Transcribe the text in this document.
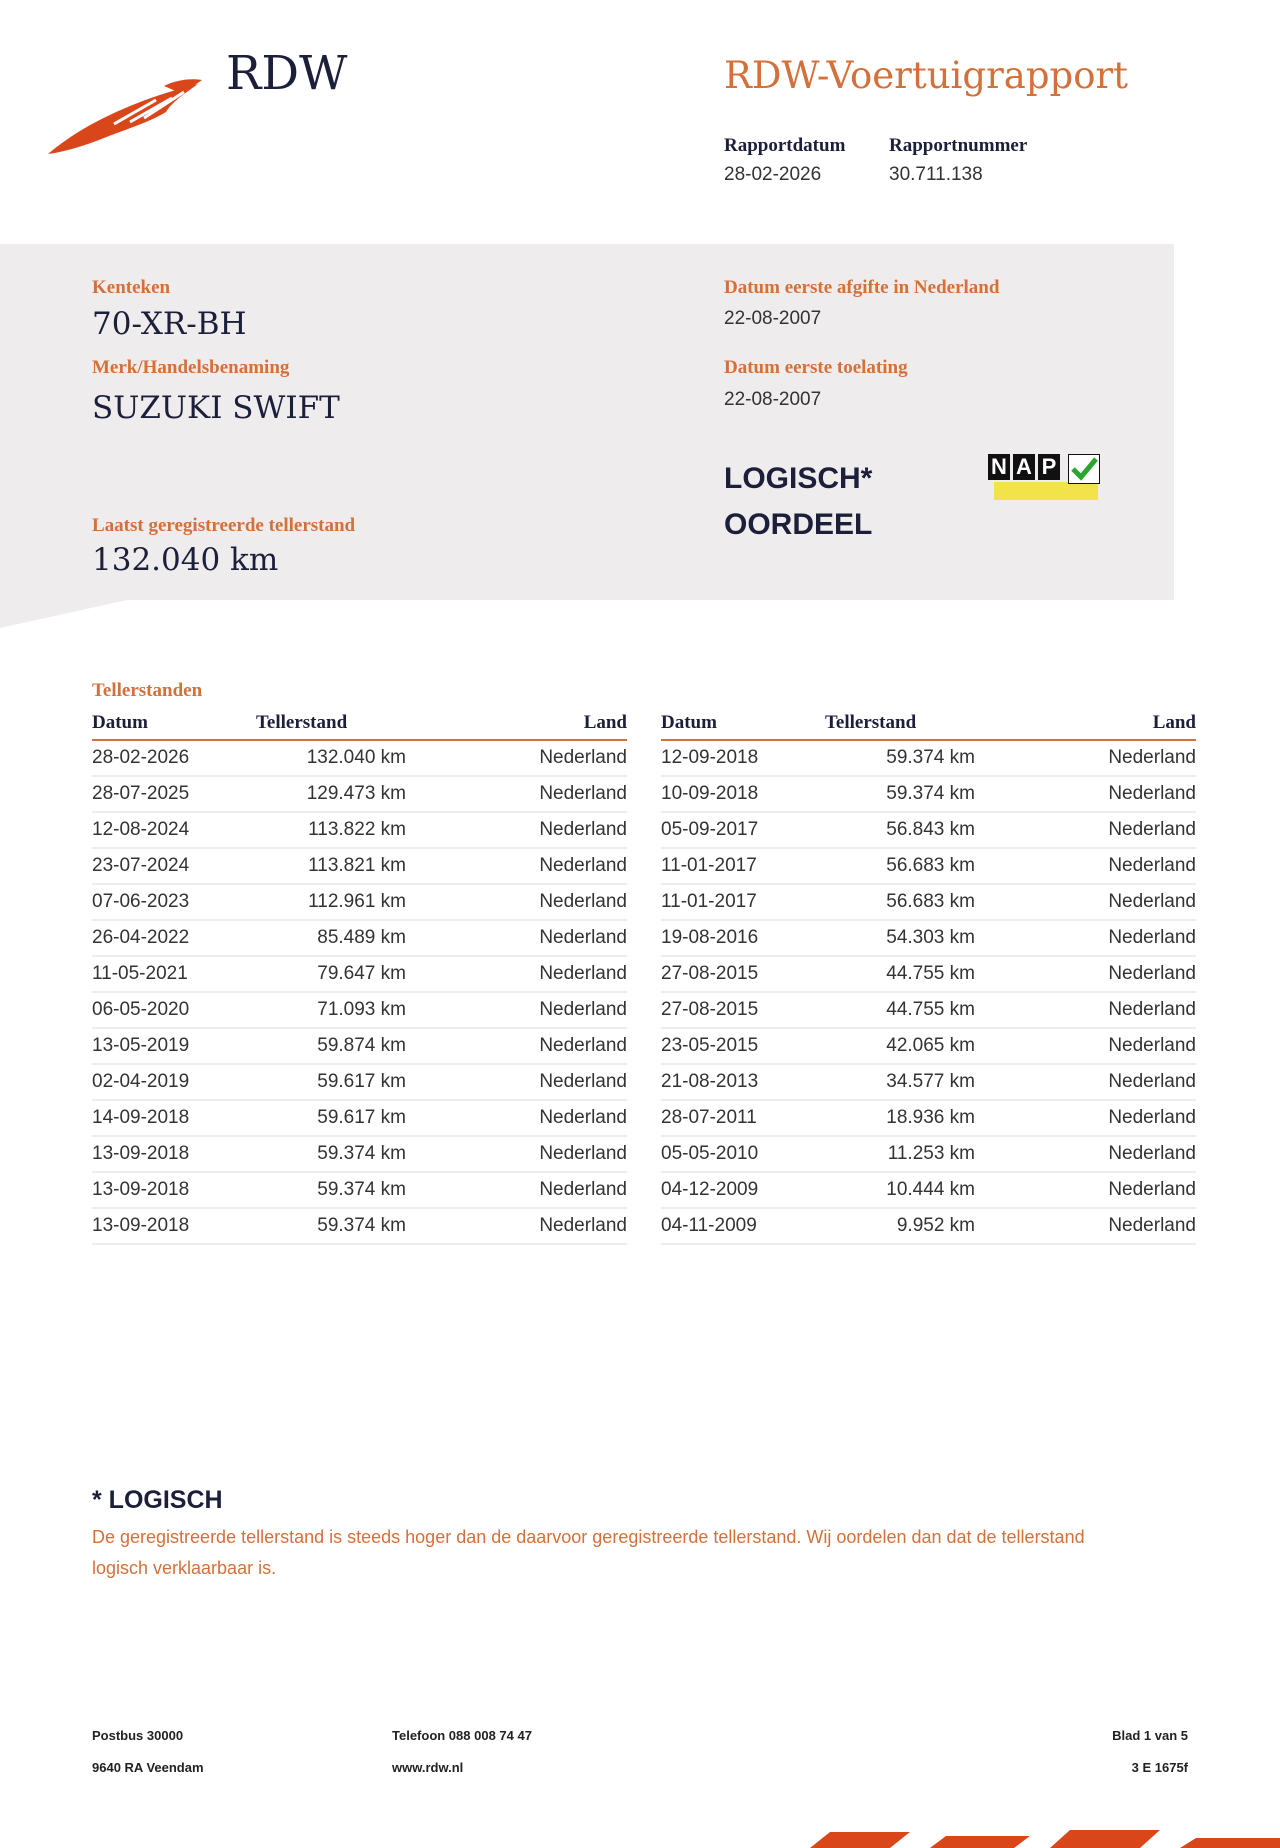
RDW	RDW-Voertuigrapport
Rapportdatum
28-02-2026
Rapportnummer
30.711.138
Kenteken
70-XR-BH
Merk/Handelsbenaming
SUZUKI SWIFT
Laatst geregistreerde tellerstand
132.040 km
Datum eerste afgifte in Nederland
22-08-2007
Datum eerste toelating
22-08-2007
LOGISCH*
OORDEEL
N A P
Tellerstanden
Datum	Tellerstand	Land
28-02-2026	132.040 km	Nederland
28-07-2025	129.473 km	Nederland
12-08-2024	113.822 km	Nederland
23-07-2024	113.821 km	Nederland
07-06-2023	112.961 km	Nederland
26-04-2022	85.489 km	Nederland
11-05-2021	79.647 km	Nederland
06-05-2020	71.093 km	Nederland
13-05-2019	59.874 km	Nederland
02-04-2019	59.617 km	Nederland
14-09-2018	59.617 km	Nederland
13-09-2018	59.374 km	Nederland
13-09-2018	59.374 km	Nederland
13-09-2018	59.374 km	Nederland
Datum	Tellerstand	Land
12-09-2018	59.374 km	Nederland
10-09-2018	59.374 km	Nederland
05-09-2017	56.843 km	Nederland
11-01-2017	56.683 km	Nederland
11-01-2017	56.683 km	Nederland
19-08-2016	54.303 km	Nederland
27-08-2015	44.755 km	Nederland
27-08-2015	44.755 km	Nederland
23-05-2015	42.065 km	Nederland
21-08-2013	34.577 km	Nederland
28-07-2011	18.936 km	Nederland
05-05-2010	11.253 km	Nederland
04-12-2009	10.444 km	Nederland
04-11-2009	9.952 km	Nederland
* LOGISCH
De geregistreerde tellerstand is steeds hoger dan de daarvoor geregistreerde tellerstand. Wij oordelen dan dat de tellerstand logisch verklaarbaar is.
Postbus 30000
9640 RA Veendam
Telefoon 088 008 74 47
www.rdw.nl
Blad 1 van 5
3 E 1675f
